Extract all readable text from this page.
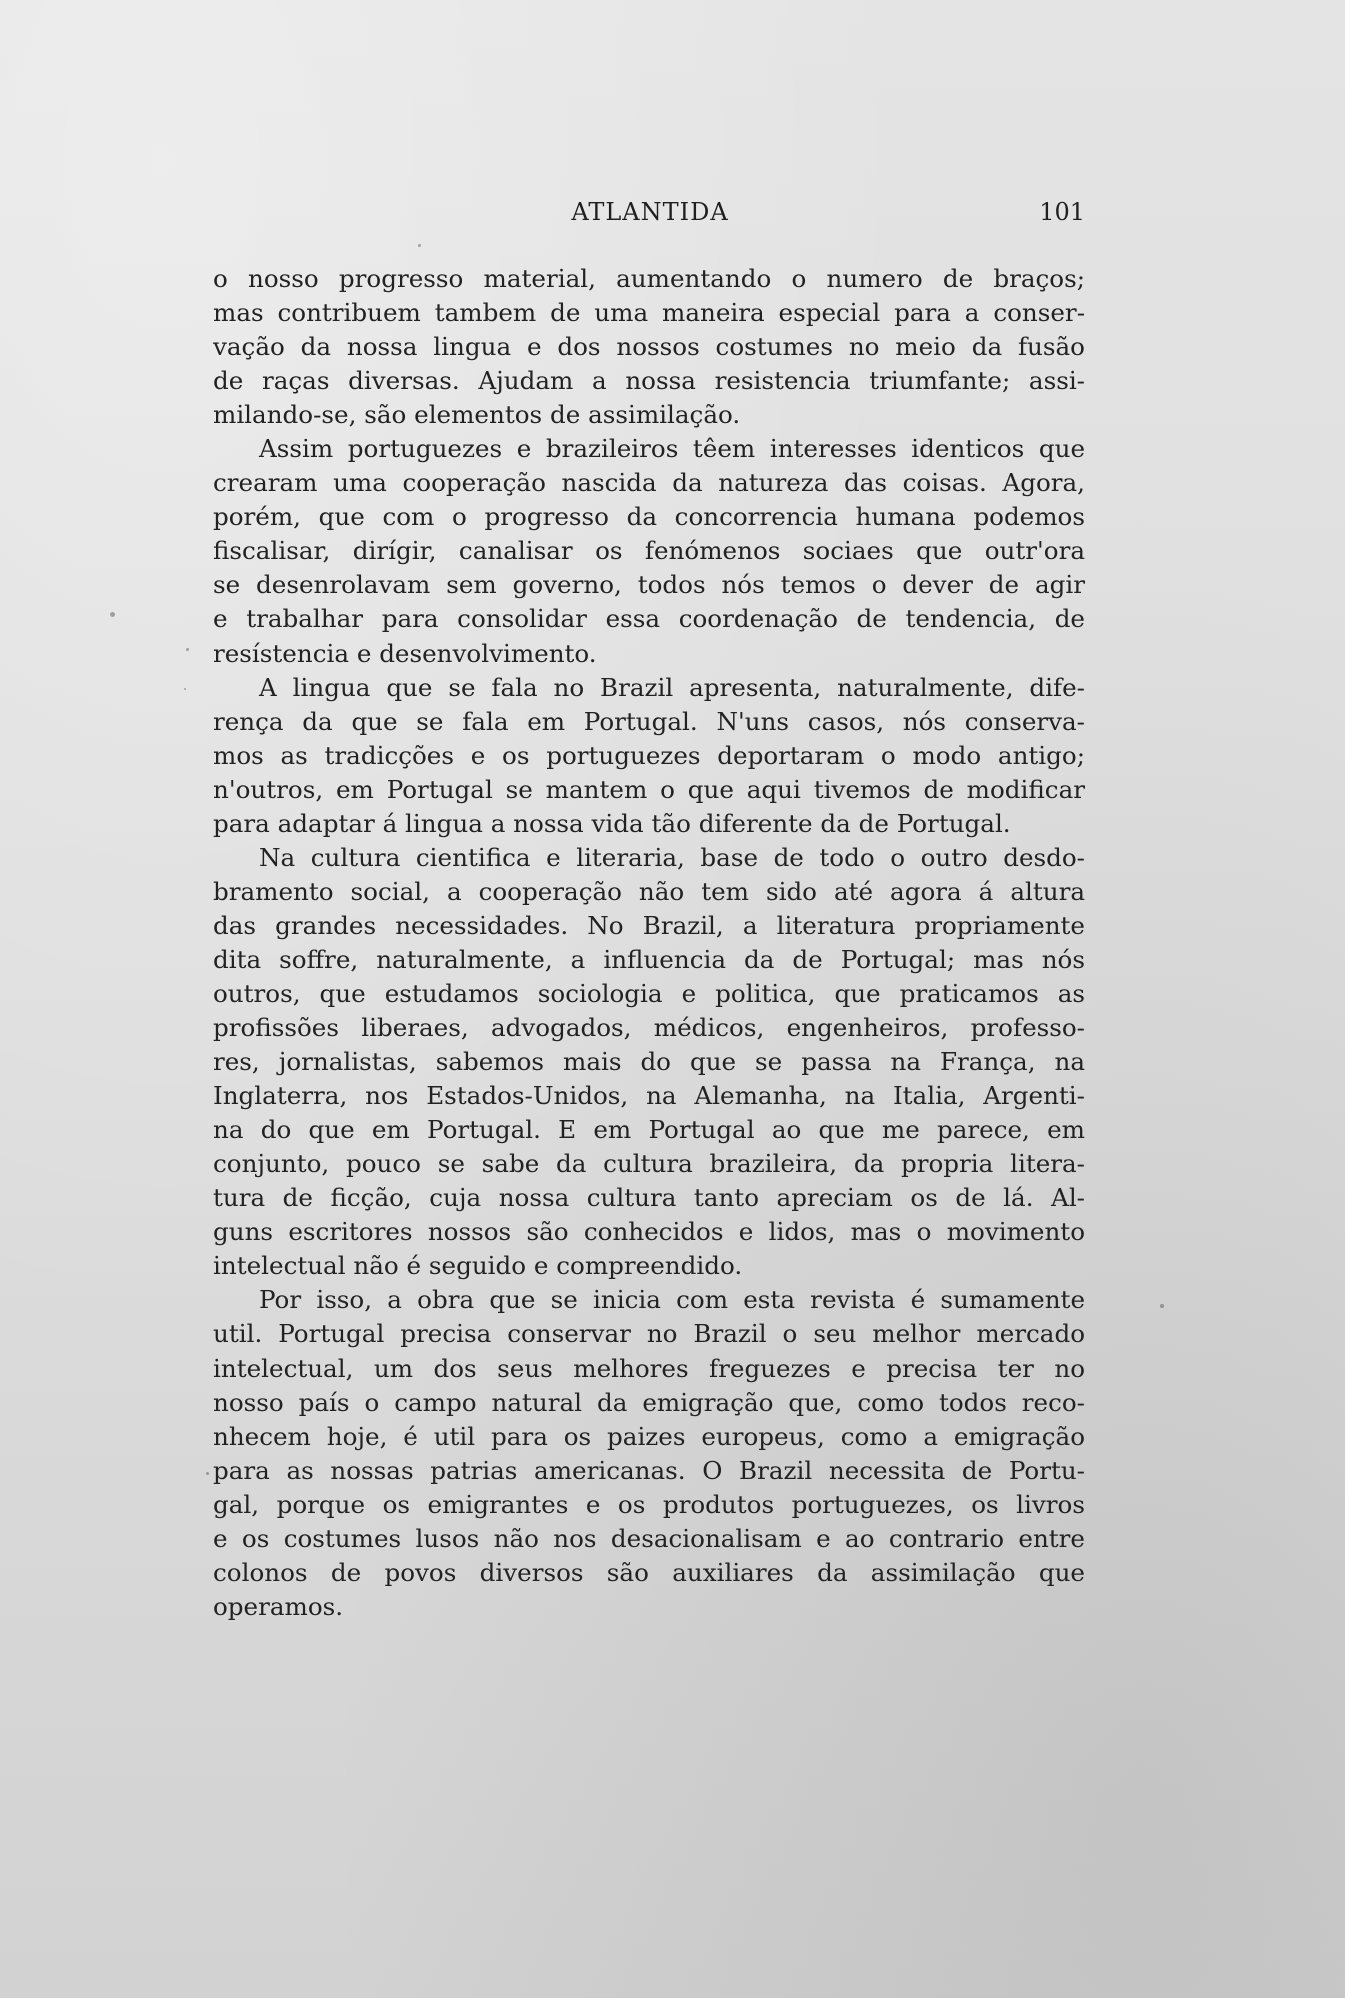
ATLANTIDA	101
o nosso progresso material, aumentando o numero de braços;
mas contribuem tambem de uma maneira especial para a conser-
vação da nossa lingua e dos nossos costumes no meio da fusão
de raças diversas. Ajudam a nossa resistencia triumfante; assi-
milando-se, são elementos de assimilação.
Assim portuguezes e brazileiros têem interesses identicos que
crearam uma cooperação nascida da natureza das coisas. Agora,
porém, que com o progresso da concorrencia humana podemos
fiscalisar, dirígir, canalisar os fenómenos sociaes que outr'ora
se desenrolavam sem governo, todos nós temos o dever de agir
e trabalhar para consolidar essa coordenação de tendencia, de
resístencia e desenvolvimento.
A lingua que se fala no Brazil apresenta, naturalmente, dife-
rença da que se fala em Portugal. N'uns casos, nós conserva-
mos as tradicções e os portuguezes deportaram o modo antigo;
n'outros, em Portugal se mantem o que aqui tivemos de modificar
para adaptar á lingua a nossa vida tão diferente da de Portugal.
Na cultura cientifica e literaria, base de todo o outro desdo-
bramento social, a cooperação não tem sido até agora á altura
das grandes necessidades. No Brazil, a literatura propriamente
dita soffre, naturalmente, a influencia da de Portugal; mas nós
outros, que estudamos sociologia e politica, que praticamos as
profissões liberaes, advogados, médicos, engenheiros, professo-
res, jornalistas, sabemos mais do que se passa na França, na
Inglaterra, nos Estados-Unidos, na Alemanha, na Italia, Argenti-
na do que em Portugal. E em Portugal ao que me parece, em
conjunto, pouco se sabe da cultura brazileira, da propria litera-
tura de ficção, cuja nossa cultura tanto apreciam os de lá. Al-
guns escritores nossos são conhecidos e lidos, mas o movimento
intelectual não é seguido e compreendido.
Por isso, a obra que se inicia com esta revista é sumamente
util. Portugal precisa conservar no Brazil o seu melhor mercado
intelectual, um dos seus melhores freguezes e precisa ter no
nosso país o campo natural da emigração que, como todos reco-
nhecem hoje, é util para os paizes europeus, como a emigração
para as nossas patrias americanas. O Brazil necessita de Portu-
gal, porque os emigrantes e os produtos portuguezes, os livros
e os costumes lusos não nos desacionalisam e ao contrario entre
colonos de povos diversos são auxiliares da assimilação que
operamos.
